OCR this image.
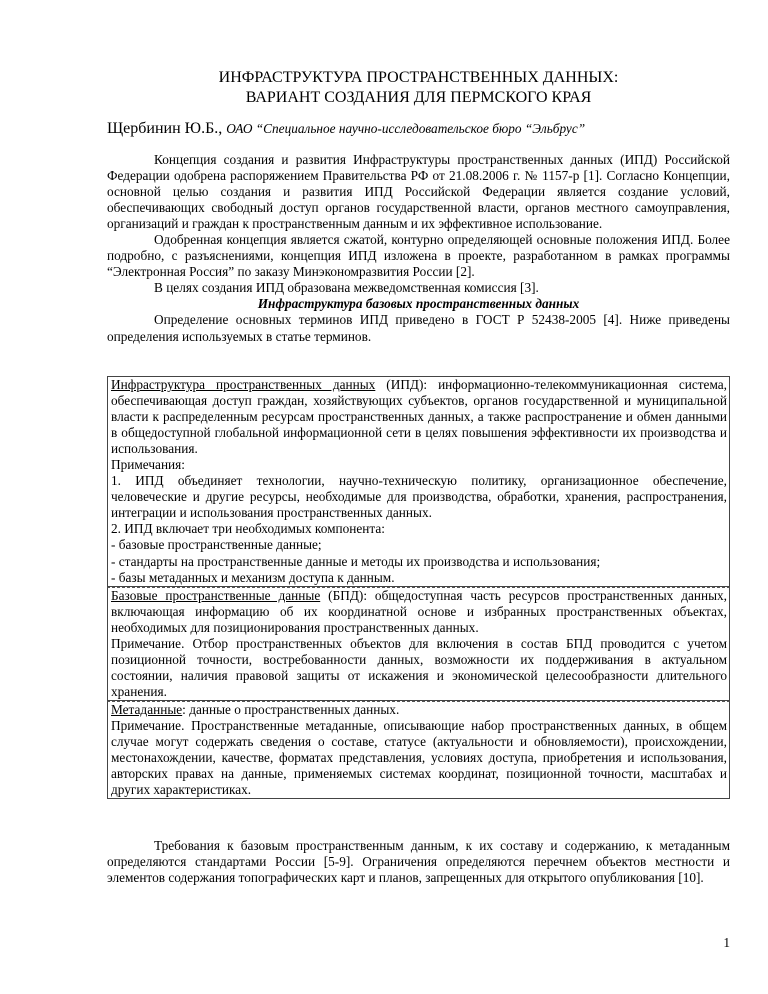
ИНФРАСТРУКТУРА ПРОСТРАНСТВЕННЫХ ДАННЫХ:
ВАРИАНТ СОЗДАНИЯ ДЛЯ ПЕРМСКОГО КРАЯ
Щербинин Ю.Б., ОАО “Специальное научно-исследовательское бюро “Эльбрус”

Концепция создания и развития Инфраструктуры пространственных данных (ИПД) Российской Федерации одобрена распоряжением Правительства РФ от 21.08.2006 г. № 1157-р [1]. Согласно Концепции, основной целью создания и развития ИПД Российской Федерации является создание условий, обеспечивающих свободный доступ органов государственной власти, органов местного самоуправления, организаций и граждан к пространственным данным и их эффективное использование.

Одобренная концепция является сжатой, контурно определяющей основные положения ИПД. Более подробно, с разъяснениями, концепция ИПД изложена в проекте, разработанном в рамках программы “Электронная Россия” по заказу Минэкономразвития России [2].

В целях создания ИПД образована межведомственная комиссия [3].

Инфраструктура базовых пространственных данных

Определение основных терминов ИПД приведено в ГОСТ Р 52438-2005 [4]. Ниже приведены определения используемых в статье терминов.

Инфраструктура пространственных данных (ИПД): информационно-телекоммуникационная система, обеспечивающая доступ граждан, хозяйствующих субъектов, органов государственной и муниципальной власти к распределенным ресурсам пространственных данных, а также распространение и обмен данными в общедоступной глобальной информационной сети в целях повышения эффективности их производства и использования.

Примечания:

1. ИПД объединяет технологии, научно-техническую политику, организационное обеспечение, человеческие и другие ресурсы, необходимые для производства, обработки, хранения, распространения, интеграции и использования пространственных данных.

2. ИПД включает три необходимых компонента:

- базовые пространственные данные;

- стандарты на пространственные данные и методы их производства и использования;

- базы метаданных и механизм доступа к данным.

Базовые пространственные данные (БПД): общедоступная часть ресурсов пространственных данных, включающая информацию об их координатной основе и избранных пространственных объектах, необходимых для позиционирования пространственных данных.

Примечание. Отбор пространственных объектов для включения в состав БПД проводится с учетом позиционной точности, востребованности данных, возможности их поддерживания в актуальном состоянии, наличия правовой защиты от искажения и экономической целесообразности длительного хранения.

Метаданные: данные о пространственных данных.

Примечание. Пространственные метаданные, описывающие набор пространственных данных, в общем случае могут содержать сведения о составе, статусе (актуальности и обновляемости), происхождении, местонахождении, качестве, форматах представления, условиях доступа, приобретения и использования, авторских правах на данные, применяемых системах координат, позиционной точности, масштабах и других характеристиках.

Требования к базовым пространственным данным, к их составу и содержанию, к метаданным определяются стандартами России [5-9]. Ограничения определяются перечнем объектов местности и элементов содержания топографических карт и планов, запрещенных для открытого опубликования [10].

1
